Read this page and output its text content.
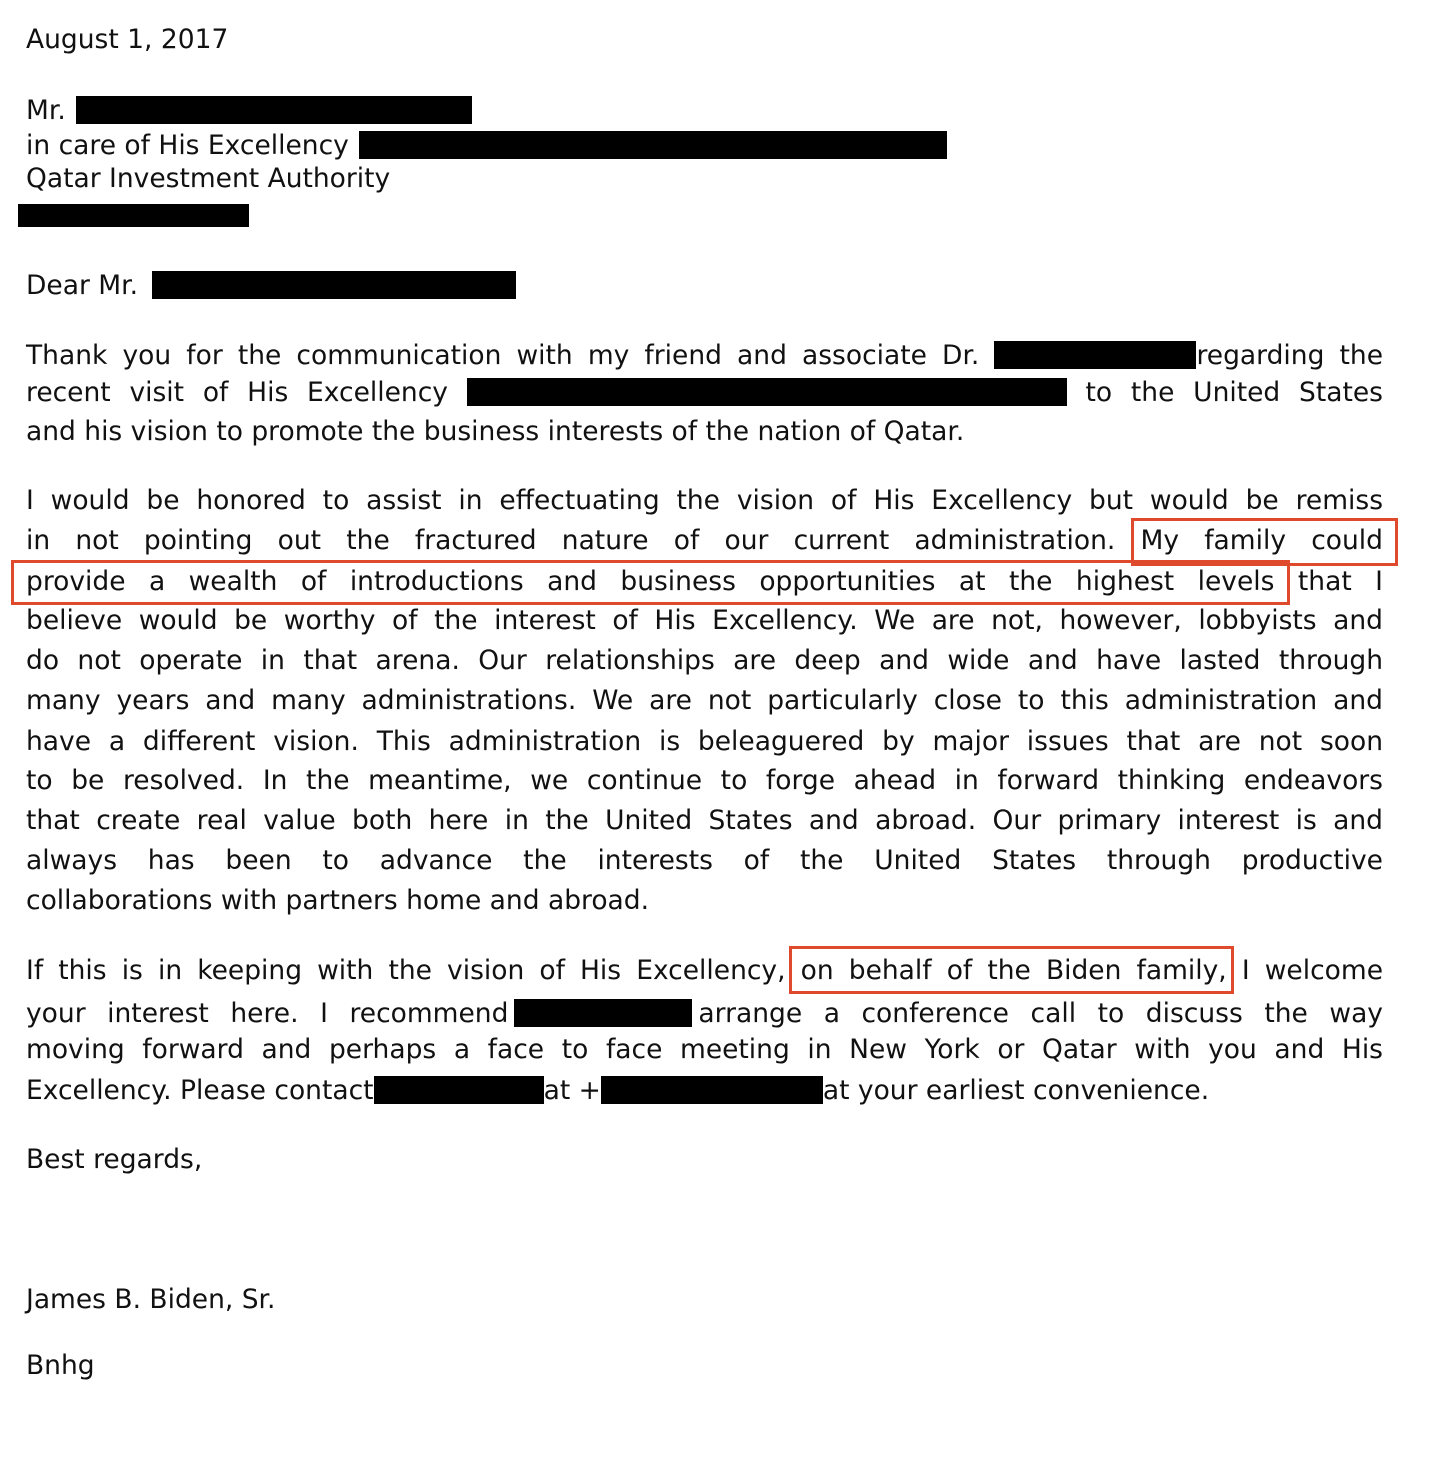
August 1, 2017
Mr.
in care of His Excellency
Qatar Investment Authority
Dear Mr.
Thank you for the communication with my friend and associate Dr.	regarding the
recent visit of His Excellency	to the United States
and his vision to promote the business interests of the nation of Qatar.
I would be honored to assist in effectuating the vision of His Excellency but would be remiss
in not pointing out the fractured nature of our current administration. My family could
provide a wealth of introductions and business opportunities at the highest levels that I
believe would be worthy of the interest of His Excellency. We are not, however, lobbyists and
do not operate in that arena. Our relationships are deep and wide and have lasted through
many years and many administrations. We are not particularly close to this administration and
have a different vision. This administration is beleaguered by major issues that are not soon
to be resolved. In the meantime, we continue to forge ahead in forward thinking endeavors
that create real value both here in the United States and abroad. Our primary interest is and
always has been to advance the interests of the United States through productive
collaborations with partners home and abroad.
If this is in keeping with the vision of His Excellency, on behalf of the Biden family, I welcome
your interest here. I recommend	arrange a conference call to discuss the way
moving forward and perhaps a face to face meeting in New York or Qatar with you and His
Excellency. Please contact	at +	at your earliest convenience.
Best regards,
James B. Biden, Sr.
Bnhg
